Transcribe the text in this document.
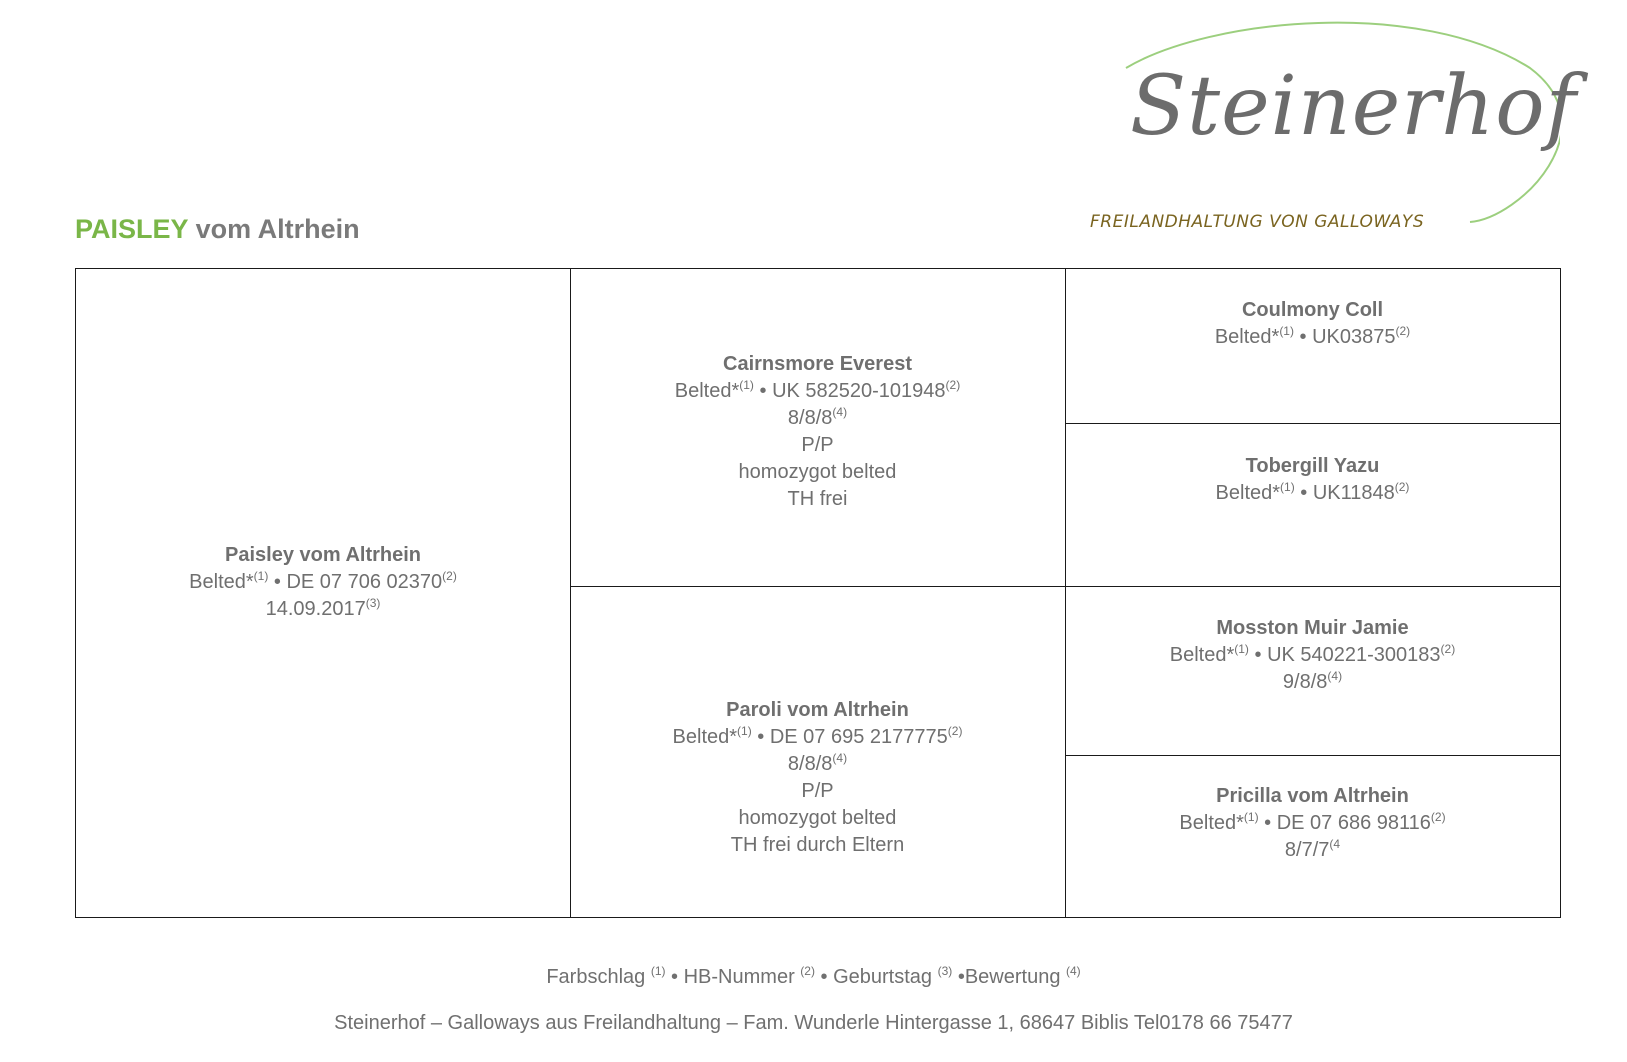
Steinerhof
FREILANDHALTUNG VON GALLOWAYS
PAISLEY vom Altrhein
Paisley vom Altrhein
Belted*$^{(1)}$ • DE 07 706 02370$^{(2)}$
14.09.2017$^{(3)}$
Cairnsmore Everest
Belted*$^{(1)}$ • UK 582520-101948$^{(2)}$
8/8/8$^{(4)}$
P/P
homozygot belted
TH frei
Paroli vom Altrhein
Belted*$^{(1)}$ • DE 07 695 2177775$^{(2)}$
8/8/8$^{(4)}$
P/P
homozygot belted
TH frei durch Eltern
Coulmony Coll
Belted*$^{(1)}$ • UK03875$^{(2)}$
Tobergill Yazu
Belted*$^{(1)}$ • UK11848$^{(2)}$
Mosston Muir Jamie
Belted*$^{(1)}$ • UK 540221-300183$^{(2)}$
9/8/8$^{(4)}$
Pricilla vom Altrhein
Belted*$^{(1)}$ • DE 07 686 98116$^{(2)}$
8/7/7$^{(4}$
Farbschlag $^{(1)}$ • HB-Nummer $^{(2)}$ • Geburtstag $^{(3)}$ •Bewertung $^{(4)}$
Steinerhof – Galloways aus Freilandhaltung – Fam. Wunderle Hintergasse 1, 68647 Biblis Tel0178 66 75477
